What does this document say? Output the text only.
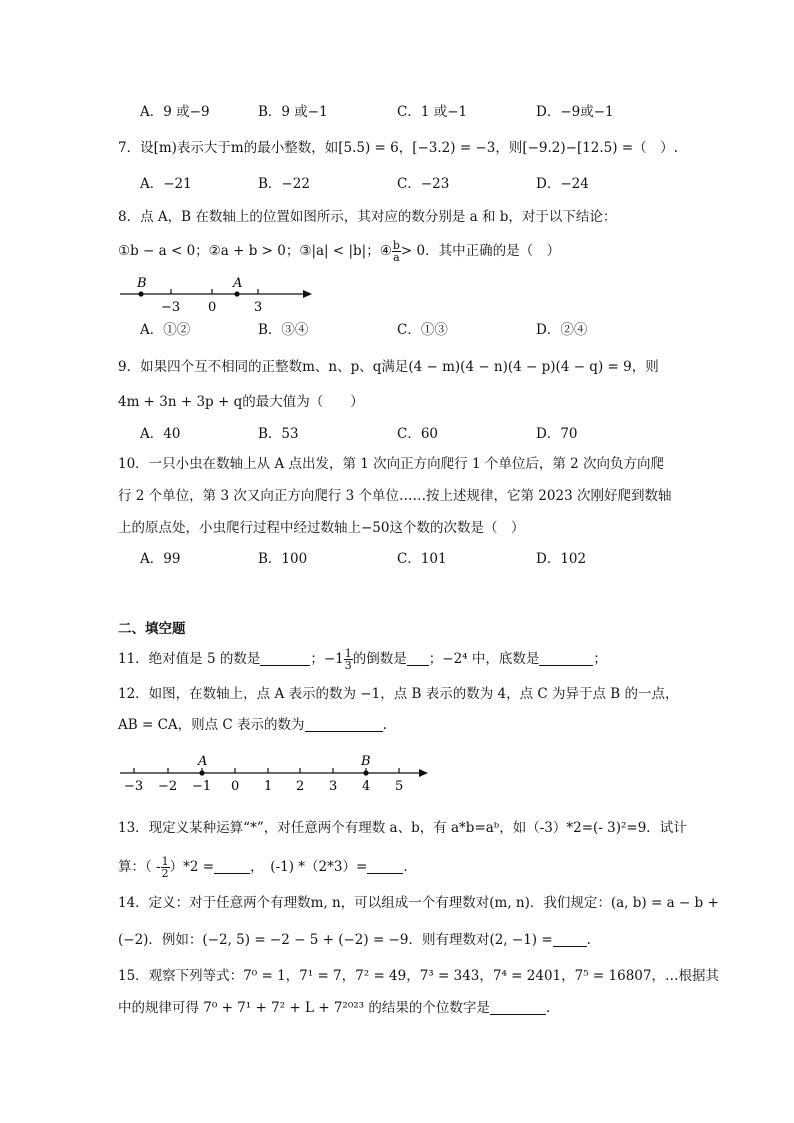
A．9 或−9	B．9 或−1	C．1 或−1	D．−9或−1
7．设[m)表示大于m的最小整数，如[5.5) = 6，[−3.2) = −3，则[−9.2)−[12.5) =（　）.
A．−21	B．−22	C．−23	D．−24
8．点 A，B 在数轴上的位置如图所示，其对应的数分别是 a 和 b，对于以下结论：
①b − a < 0；②a + b > 0；③|a| < |b|；④ $\frac{b}{a} > 0$．其中正确的是（　）
B	A
−3 0	3
A．①②	B．③④	C．①③	D．②④
9．如果四个互不相同的正整数m、n、p、q满足(4 − m)(4 − n)(4 − p)(4 − q) = 9，则
4m + 3n + 3p + q的最大值为（　　）
A．40	B．53	C．60	D．70
10．一只小虫在数轴上从 A 点出发，第 1 次向正方向爬行 1 个单位后，第 2 次向负方向爬
行 2 个单位，第 3 次又向正方向爬行 3 个单位……按上述规律，它第 2023 次刚好爬到数轴
上的原点处，小虫爬行过程中经过数轴上−50这个数的次数是（　）
A．99	B．100	C．101	D．102
二、填空题
11．绝对值是 5 的数是	；$-1 \frac{1}{3}$ 的倒数是 ；−2⁴ 中，底数是	；
12．如图，在数轴上，点 A 表示的数为 −1，点 B 表示的数为 4，点 C 为异于点 B 的一点，
AB = CA，则点 C 表示的数为	.
A	B
−3 −2 −1 0 1 2 3 4 5
13．现定义某种运算“*”，对任意两个有理数 a、b，有 a*b=aᵇ，如（-3）*2=(- 3)²=9．试计
算：（ - $\frac{1}{2} )*2$ =	，　(-1) *（2*3）=	.
14．定义：对于任意两个有理数m, n，可以组成一个有理数对(m, n)．我们规定：(a, b) = a − b +
(−2)．例如：(−2, 5) = −2 − 5 + (−2) = −9．则有理数对(2, −1) =	.
15．观察下列等式：7⁰ = 1，7¹ = 7，7² = 49，7³ = 343，7⁴ = 2401，7⁵ = 16807，…根据其
中的规律可得 7⁰ + 7¹ + 7² + L + 7²⁰²³ 的结果的个位数字是	.
